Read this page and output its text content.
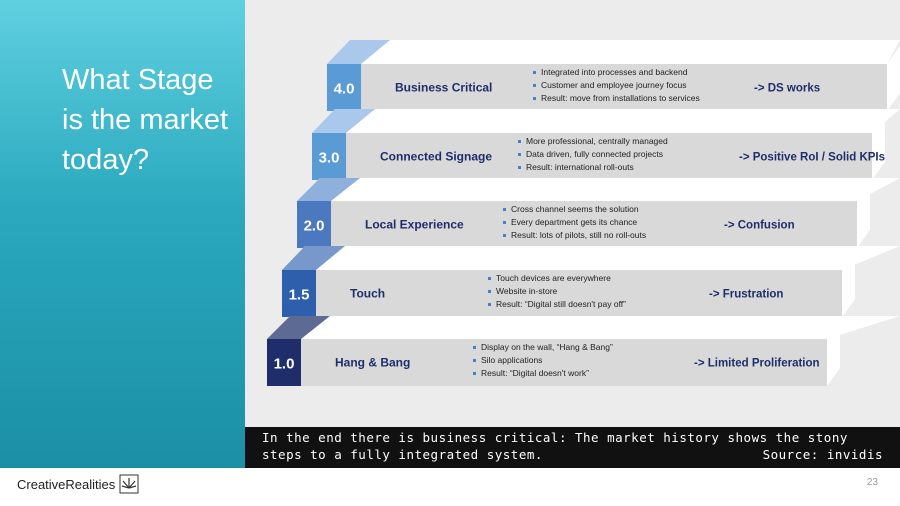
What Stage is the market today?
4.0	Business Critical
Integrated into processes and backend
Customer and employee journey focus
Result: move from installations to services
-> DS works
3.0	Connected Signage
More professional, centrally managed
Data driven, fully connected projects
Result: international roll-outs
-> Positive RoI / Solid KPIs
2.0	Local Experience
Cross channel seems the solution
Every department gets its chance
Result: lots of pilots, still no roll-outs
-> Confusion
1.5	Touch
Touch devices are everywhere
Website in-store
Result: “Digital still doesn't pay off”
-> Frustration
1.0	Hang & Bang
Display on the wall, “Hang & Bang”
Silo applications
Result: “Digital doesn't work”
-> Limited Proliferation
In the end there is business critical: The market history shows the stony
steps to a fully integrated system.	Source: invidis
CreativeRealities	23
